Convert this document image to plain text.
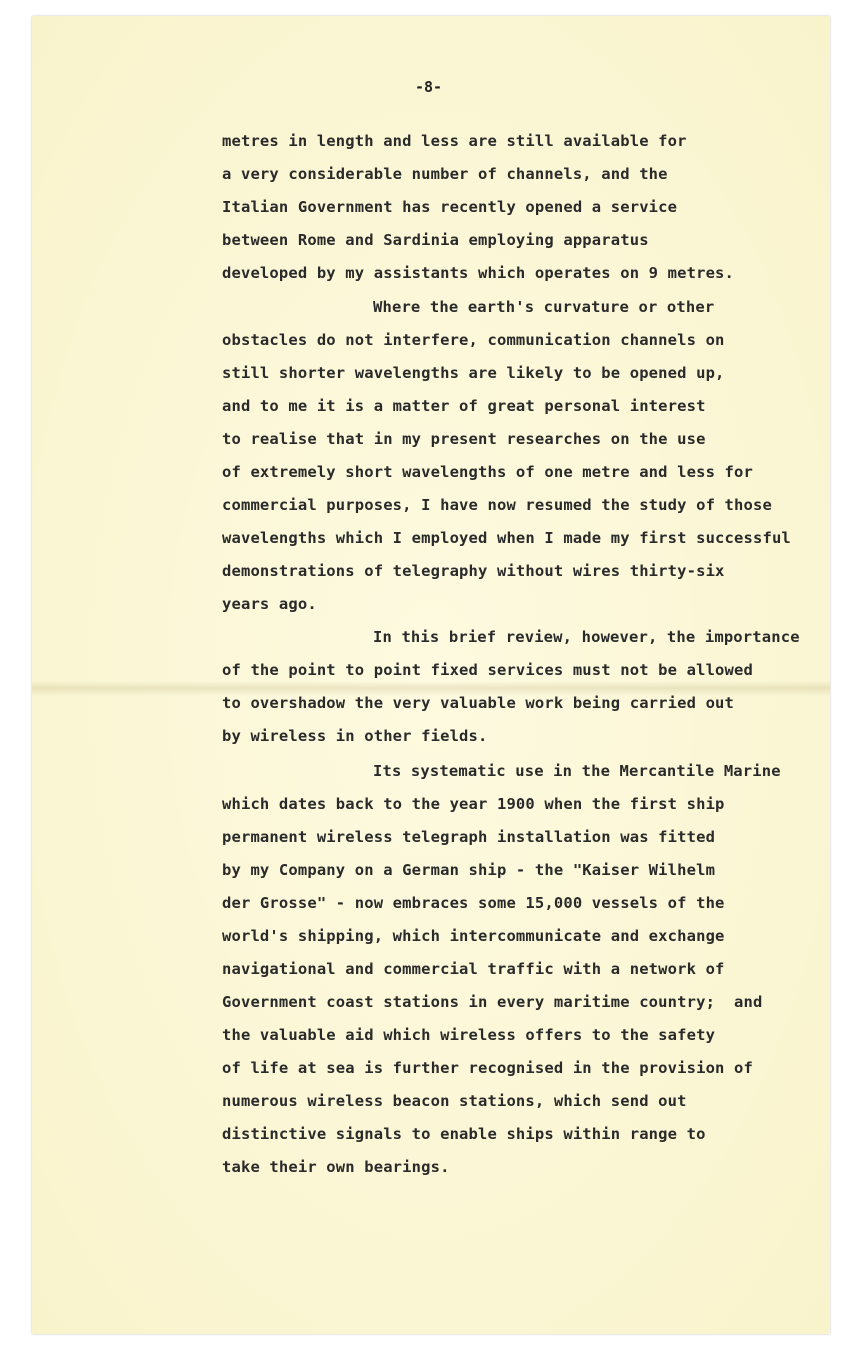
-8-
metres in length and less are still available for
a very considerable number of channels, and the
Italian Government has recently opened a service
between Rome and Sardinia employing apparatus
developed by my assistants which operates on 9 metres.
Where the earth's curvature or other
obstacles do not interfere, communication channels on
still shorter wavelengths are likely to be opened up,
and to me it is a matter of great personal interest
to realise that in my present researches on the use
of extremely short wavelengths of one metre and less for
commercial purposes, I have now resumed the study of those
wavelengths which I employed when I made my first successful
demonstrations of telegraphy without wires thirty-six
years ago.
In this brief review, however, the importance
of the point to point fixed services must not be allowed
to overshadow the very valuable work being carried out
by wireless in other fields.
Its systematic use in the Mercantile Marine
which dates back to the year 1900 when the first ship
permanent wireless telegraph installation was fitted
by my Company on a German ship - the "Kaiser Wilhelm
der Grosse" - now embraces some 15,000 vessels of the
world's shipping, which intercommunicate and exchange
navigational and commercial traffic with a network of
Government coast stations in every maritime country;  and
the valuable aid which wireless offers to the safety
of life at sea is further recognised in the provision of
numerous wireless beacon stations, which send out
distinctive signals to enable ships within range to
take their own bearings.
